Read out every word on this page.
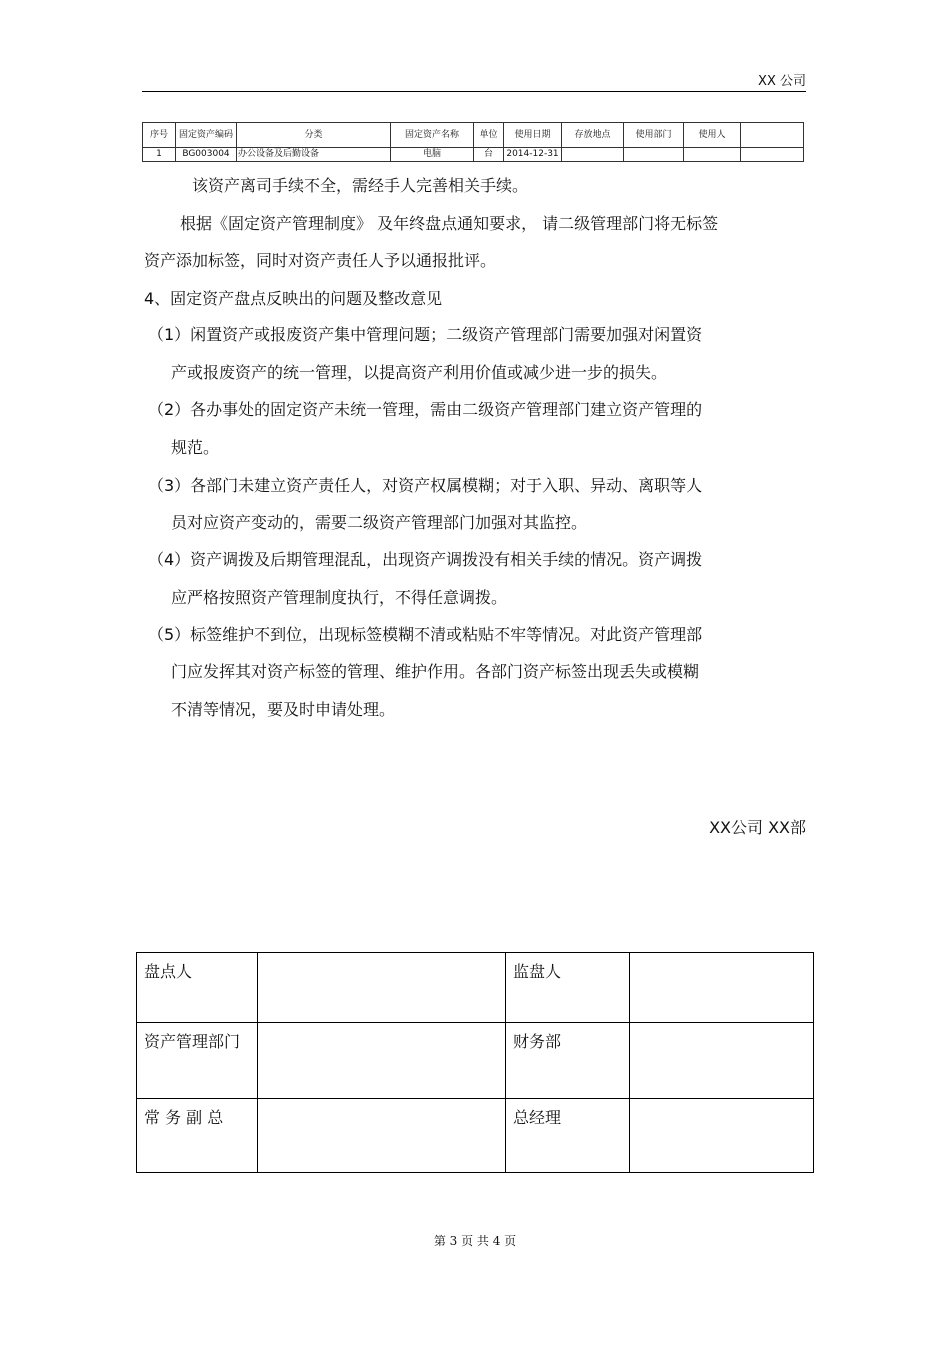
XX 公司
序号	固定资产编码	分类	固定资产名称	单位	使用日期	存放地点	使用部门	使用人	
1	BG003004	办公设备及后勤设备	电脑	台	2014-12-31				
该资产离司手续不全，需经手人完善相关手续。
根据《固定资产管理制度》 及年终盘点通知要求， 请二级管理部门将无标签
资产添加标签，同时对资产责任人予以通报批评。
4、固定资产盘点反映出的问题及整改意见
（1）闲置资产或报废资产集中管理问题；二级资产管理部门需要加强对闲置资
产或报废资产的统一管理，以提高资产利用价值或减少进一步的损失。
（2）各办事处的固定资产未统一管理，需由二级资产管理部门建立资产管理的
规范。
（3）各部门未建立资产责任人，对资产权属模糊；对于入职、异动、离职等人
员对应资产变动的，需要二级资产管理部门加强对其监控。
（4）资产调拨及后期管理混乱，出现资产调拨没有相关手续的情况。资产调拨
应严格按照资产管理制度执行，不得任意调拨。
（5）标签维护不到位，出现标签模糊不清或粘贴不牢等情况。对此资产管理部
门应发挥其对资产标签的管理、维护作用。各部门资产标签出现丢失或模糊
不清等情况，要及时申请处理。
XX公司 XX部
盘点人		监盘人	

资产管理部门		财务部	

常 务 副 总		总经理	

第 3 页 共 4 页
